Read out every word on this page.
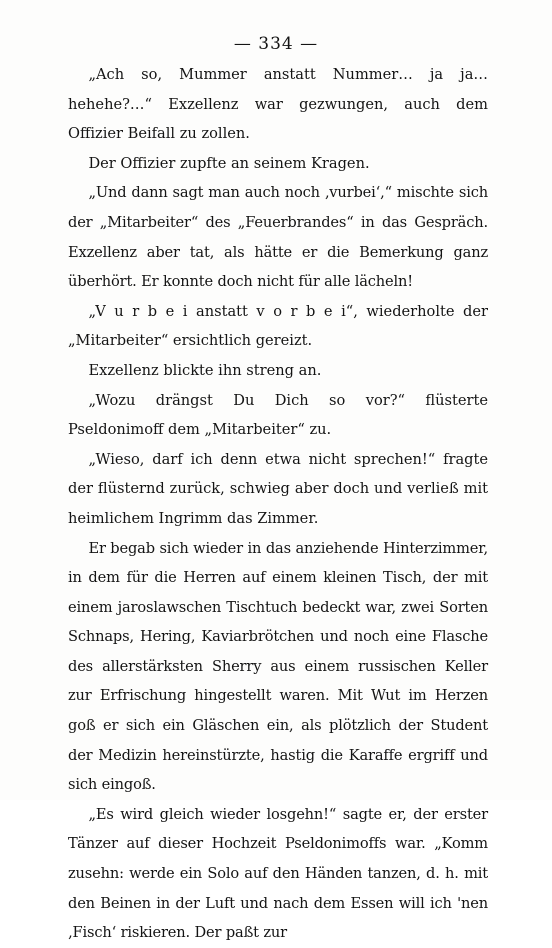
— 334 —

„Ach so, Mummer anstatt Nummer… ja ja… hehehe?…“ Exzellenz war gezwungen, auch dem Offizier Beifall zu zollen.

Der Offizier zupfte an seinem Kragen.

„Und dann sagt man auch noch ‚vurbei‘,“ mischte sich der „Mitarbeiter“ des „Feuerbrandes“ in das Gespräch. Exzellenz aber tat, als hätte er die Bemerkung ganz überhört. Er konnte doch nicht für alle lächeln!

„V u r b e i anstatt v o r b e i“, wiederholte der „Mitarbeiter“ ersichtlich gereizt.

Exzellenz blickte ihn streng an.

„Wozu drängst Du Dich so vor?“ flüsterte Pseldonimoff dem „Mitarbeiter“ zu.

„Wieso, darf ich denn etwa nicht sprechen!“ fragte der flüsternd zurück, schwieg aber doch und verließ mit heimlichem Ingrimm das Zimmer.

Er begab sich wieder in das anziehende Hinterzimmer, in dem für die Herren auf einem kleinen Tisch, der mit einem jaroslawschen Tischtuch bedeckt war, zwei Sorten Schnaps, Hering, Kaviarbrötchen und noch eine Flasche des allerstärksten Sherry aus einem russischen Keller zur Erfrischung hingestellt waren. Mit Wut im Herzen goß er sich ein Gläschen ein, als plötzlich der Student der Medizin hereinstürzte, hastig die Karaffe ergriff und sich eingoß.

„Es wird gleich wieder losgehn!“ sagte er, der erster Tänzer auf dieser Hochzeit Pseldonimoffs war. „Komm zusehn: werde ein Solo auf den Händen tanzen, d. h. mit den Beinen in der Luft und nach dem Essen will ich 'nen ‚Fisch‘ riskieren. Der paßt zur
